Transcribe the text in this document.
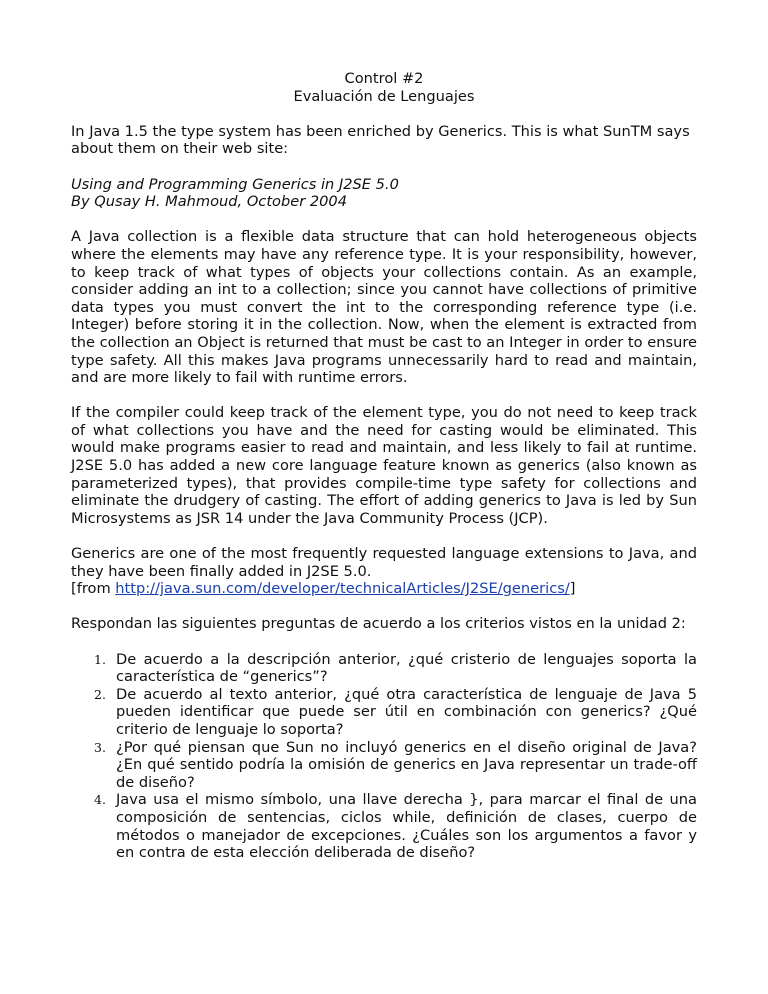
Control #2
Evaluación de Lenguajes

In Java 1.5 the type system has been enriched by Generics. This is what SunTM says about them on their web site:

Using and Programming Generics in J2SE 5.0

By Qusay H. Mahmoud, October 2004

A Java collection is a flexible data structure that can hold heterogeneous objects where the elements may have any reference type. It is your responsibility, however, to keep track of what types of objects your collections contain. As an example, consider adding an int to a collection; since you cannot have collections of primitive data types you must convert the int to the corresponding reference type (i.e. Integer) before storing it in the collection. Now, when the element is extracted from the collection an Object is returned that must be cast to an Integer in order to ensure type safety. All this makes Java programs unnecessarily hard to read and maintain, and are more likely to fail with runtime errors.

If the compiler could keep track of the element type, you do not need to keep track of what collections you have and the need for casting would be eliminated. This would make programs easier to read and maintain, and less likely to fail at runtime. J2SE 5.0 has added a new core language feature known as generics (also known as parameterized types), that provides compile-time type safety for collections and eliminate the drudgery of casting. The effort of adding generics to Java is led by Sun Microsystems as JSR 14 under the Java Community Process (JCP).

Generics are one of the most frequently requested language extensions to Java, and they have been finally added in J2SE 5.0.

[from http://java.sun.com/developer/technicalArticles/J2SE/generics/]

Respondan las siguientes preguntas de acuerdo a los criterios vistos en la unidad 2:

1. De acuerdo a la descripción anterior, ¿qué cristerio de lenguajes soporta la característica de “generics”?
2. De acuerdo al texto anterior, ¿qué otra característica de lenguaje de Java 5 pueden identificar que puede ser útil en combinación con generics? ¿Qué criterio de lenguaje lo soporta?
3. ¿Por qué piensan que Sun no incluyó generics en el diseño original de Java? ¿En qué sentido podría la omisión de generics en Java representar un trade-off de diseño?
4. Java usa el mismo símbolo, una llave derecha }, para marcar el final de una composición de sentencias, ciclos while, definición de clases, cuerpo de métodos o manejador de excepciones. ¿Cuáles son los argumentos a favor y en contra de esta elección deliberada de diseño?
